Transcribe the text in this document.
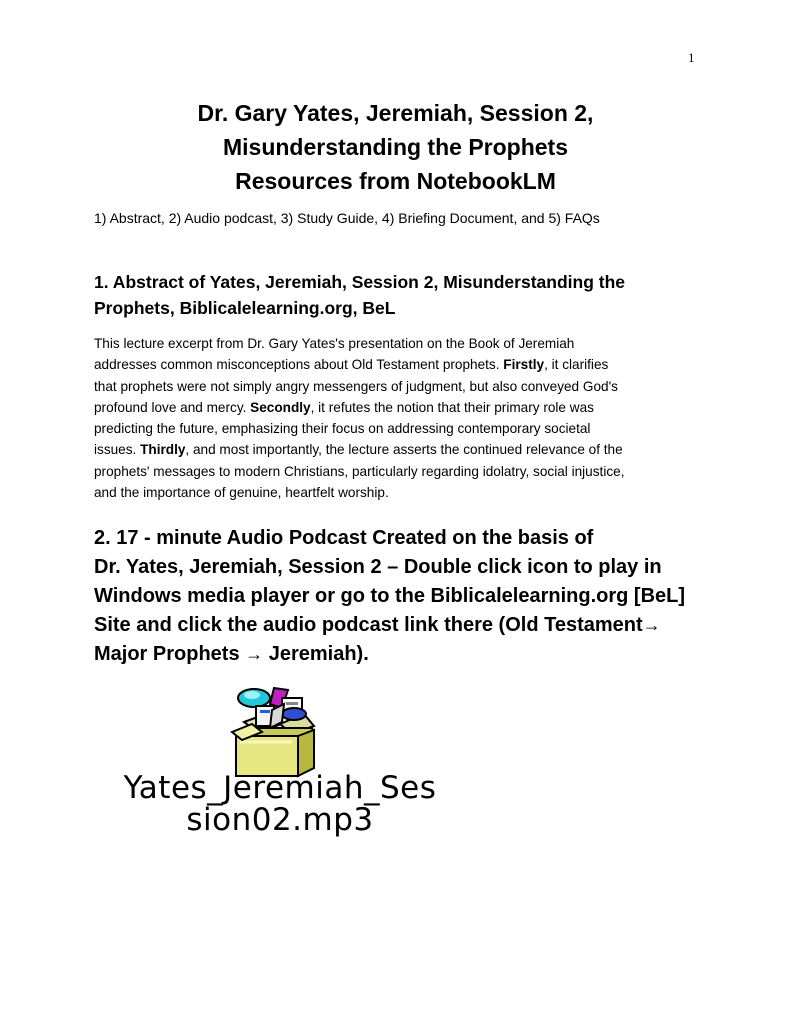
1
Dr. Gary Yates, Jeremiah, Session 2,
Misunderstanding the Prophets
Resources from NotebookLM
1) Abstract, 2) Audio podcast, 3) Study Guide, 4) Briefing Document, and 5) FAQs
1. Abstract of Yates, Jeremiah, Session 2, Misunderstanding the
Prophets, Biblicalelearning.org, BeL
This lecture excerpt from Dr. Gary Yates's presentation on the Book of Jeremiah
addresses common misconceptions about Old Testament prophets. Firstly, it clarifies
that prophets were not simply angry messengers of judgment, but also conveyed God's
profound love and mercy. Secondly, it refutes the notion that their primary role was
predicting the future, emphasizing their focus on addressing contemporary societal
issues. Thirdly, and most importantly, the lecture asserts the continued relevance of the
prophets' messages to modern Christians, particularly regarding idolatry, social injustice,
and the importance of genuine, heartfelt worship.
2. 17 - minute Audio Podcast Created on the basis of
Dr. Yates, Jeremiah, Session 2 – Double click icon to play in
Windows media player or go to the Biblicalelearning.org [BeL]
Site and click the audio podcast link there (Old Testament→
Major Prophets → Jeremiah).
Yates_Jeremiah_Ses
sion02.mp3
